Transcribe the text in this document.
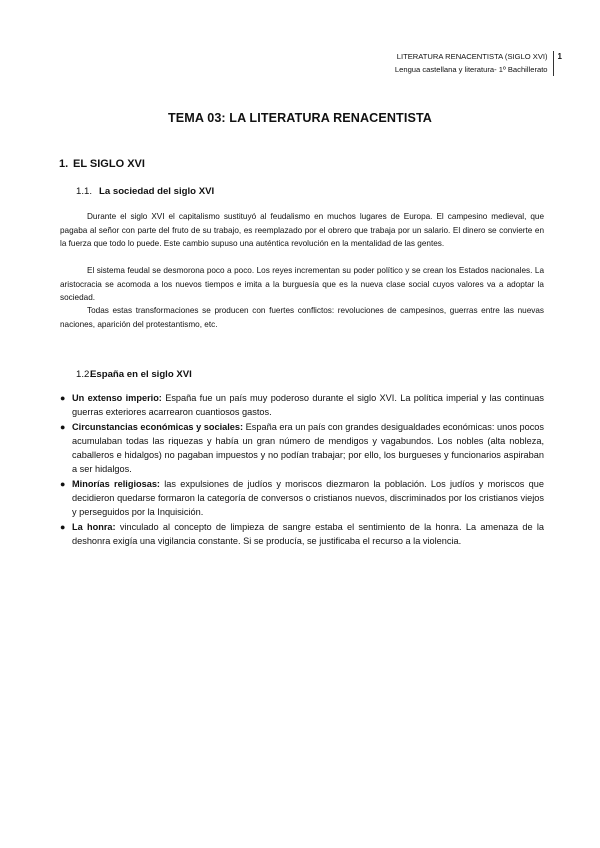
LITERATURA RENACENTISTA (SIGLO XVI)
Lengua castellana y literatura- 1º Bachillerato
1
TEMA 03: LA LITERATURA RENACENTISTA
1. EL SIGLO XVI
1.1. La sociedad del siglo XVI

Durante el siglo XVI el capitalismo sustituyó al feudalismo en muchos lugares de Europa. El campesino medieval, que pagaba al señor con parte del fruto de su trabajo, es reemplazado por el obrero que trabaja por un salario. El dinero se convierte en la fuerza que todo lo puede. Este cambio supuso una auténtica revolución en la mentalidad de las gentes.

El sistema feudal se desmorona poco a poco. Los reyes incrementan su poder político y se crean los Estados nacionales. La aristocracia se acomoda a los nuevos tiempos e imita a la burguesía que es la nueva clase social cuyos valores va a adoptar la sociedad.

Todas estas transformaciones se producen con fuertes conflictos: revoluciones de campesinos, guerras entre las nuevas naciones, aparición del protestantismo, etc.

1.2.España en el siglo XVI
● Un extenso imperio: España fue un país muy poderoso durante el siglo XVI. La política imperial y las continuas guerras exteriores acarrearon cuantiosos gastos.
● Circunstancias económicas y sociales: España era un país con grandes desigualdades económicas: unos pocos acumulaban todas las riquezas y había un gran número de mendigos y vagabundos. Los nobles (alta nobleza, caballeros e hidalgos) no pagaban impuestos y no podían trabajar; por ello, los burgueses y funcionarios aspiraban a ser hidalgos.
● Minorías religiosas: las expulsiones de judíos y moriscos diezmaron la población. Los judíos y moriscos que decidieron quedarse formaron la categoría de conversos o cristianos nuevos, discriminados por los cristianos viejos y perseguidos por la Inquisición.
● La honra: vinculado al concepto de limpieza de sangre estaba el sentimiento de la honra. La amenaza de la deshonra exigía una vigilancia constante. Si se producía, se justificaba el recurso a la violencia.
